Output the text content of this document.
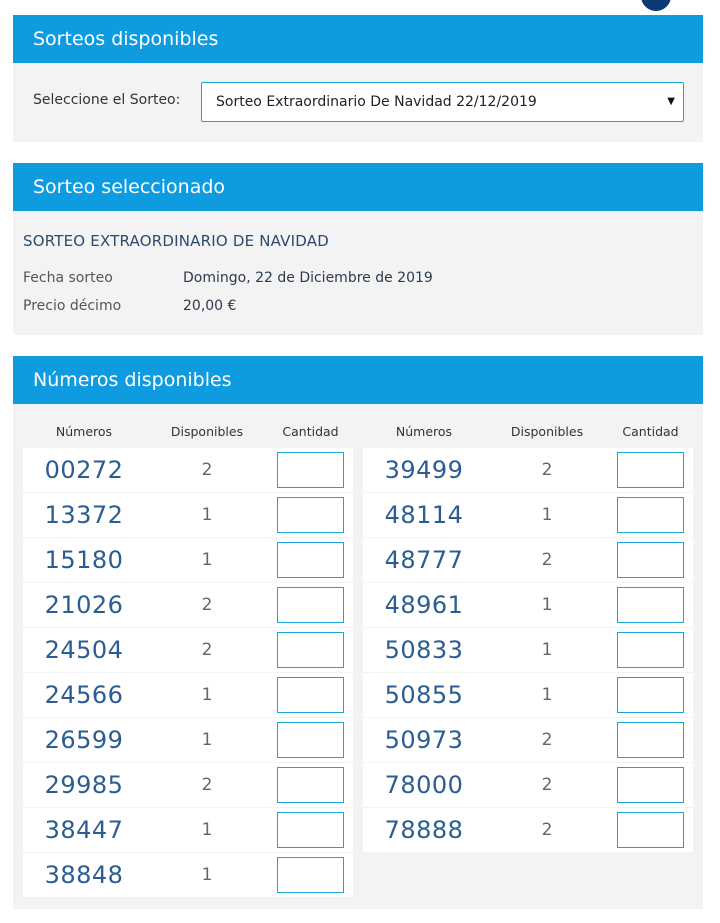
Sorteos disponibles
Seleccione el Sorteo:	Sorteo Extraordinario De Navidad 22/12/2019	▼
Sorteo seleccionado
SORTEO EXTRAORDINARIO DE NAVIDAD
Fecha sorteo	Domingo, 22 de Diciembre de 2019
Precio décimo	20,00 €
Números disponibles
Números	Disponibles	Cantidad	Números	Disponibles	Cantidad
00272	2
13372	1
15180	1
21026	2
24504	2
24566	1
26599	1
29985	2
38447	1
38848	1
39499	2
48114	1
48777	2
48961	1
50833	1
50855	1
50973	2
78000	2
78888	2
